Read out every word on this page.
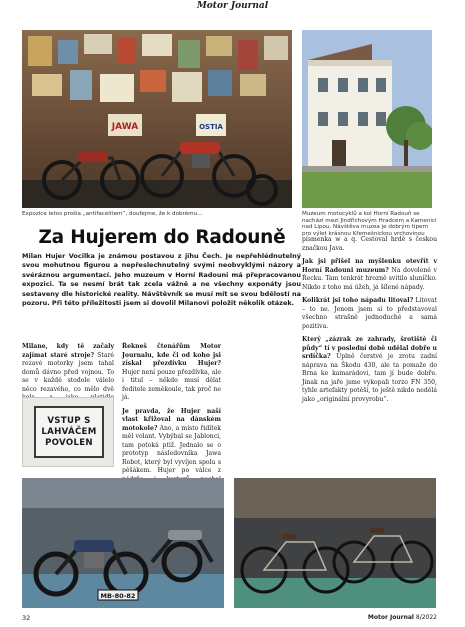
Motor Journal
JAWA	OSTIA
Expozice letos prošla „antifacelitem“, doufejme, že k dobrému…	Muzeum motocyklů a kol Horní Radouň se nachází mezi Jindřichovým Hradcem a Kamenicí nad Lipou. Návštěva muzea je dobrým tipem pro výlet krásnou Křemešnickou vrchovinou
Za Hujerem do Radouně
Milan Hujer Vocilka je známou postavou z jihu Čech. Je nepřehlédnutelný svou mohutnou figurou a nepřeslechnutelný svými neobvyklými názory a svéráznou argumentací. Jeho muzeum v Horní Radouni má přepracovanou expozici. Ta se nesmí brát tak zcela vážně a ne všechny exponáty jsou sestaveny dle historické reality. Návštěvník se musí mít se svou bdělostí na pozoru. Při této příležitosti jsem si dovolil Milanovi položit několik otázek.

Milane, kdy tě začaly zajímat staré stroje? Staré rezavé motorky jsem tahal domů dávno před vojnou. To se v každé stodole válelo něco rezavého, co mělo dvě

VSTUP S
LAHVÁČEM
POVOLEN

Řekneš čtenářům Motor Journalu, kde či od koho jsi získal přezdívku Hujer? Hujer není pouze přezdívka, ale i titul – někdo musí dělat ředitele zeměkoule, tak proč ne já.

Je pravda, že Hujer naší vlast křižoval na dánském motokole? Ano, a místo řidítek měl volant. Vybýbal se Jablonci, tam potoká ptiž. Jednalo se o prototyp následovníka Jawa Robot, který byl vyvíjen spolu s pěšákem. Hujer po válce z

písmenka w a q. Cestoval hrdě s českou značkou Java.

Jak jsi přišel na myšlenku otevřít v Horní Radouni muzeum? Na dovolené v Řecku. Tam tenkrát hrozně svítilo sluníčko. Nikdo z toho má úžeh, já šílené nápady.

Kolikrát jsi toho nápadu litoval? Litovat – to ne. Jenom jsem si to představoval všechno strašně jednoduché a samá pozitiva.

Který „zázrak ze zahrady, šrotiště či půdy“ tí v poslední době udělal dobře u srdíčka? Úplně čerstvé je zrotu zadní náprava na Škodu 430, ale ta pomaže do Brna ke kamarádovi, tam jí bude dobře. Jinak na jaře jsme vykopali torzo FN 350, tyhle artefakty potěší, to ještě nikdo nedělá jako „originální provyrobu“.

MB-80-82
32	Motor Journal 8/2022
